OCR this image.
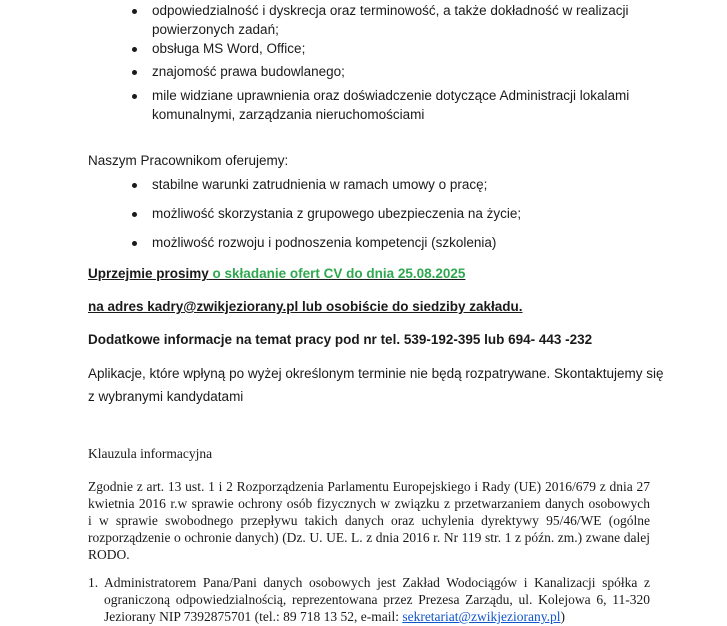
odpowiedzialność i dyskrecja oraz terminowość, a także dokładność w realizacji
powierzonych zadań;
obsługa MS Word, Office;
znajomość prawa budowlanego;
mile widziane uprawnienia oraz doświadczenie dotyczące Administracji lokalami
komunalnymi, zarządzania nieruchomościami
Naszym Pracownikom oferujemy:
stabilne warunki zatrudnienia w ramach umowy o pracę;
możliwość skorzystania z grupowego ubezpieczenia na życie;
możliwość rozwoju i podnoszenia kompetencji (szkolenia)
Uprzejmie prosimy o składanie ofert CV do dnia 25.08.2025
na adres kadry@zwikjeziorany.pl lub osobiście do siedziby zakładu.
Dodatkowe informacje na temat pracy pod nr tel. 539-192-395 lub 694- 443 -232
Aplikacje, które wpłyną po wyżej określonym terminie nie będą rozpatrywane. Skontaktujemy się
z wybranymi kandydatami
Klauzula informacyjna
Zgodnie z art. 13 ust. 1 i 2 Rozporządzenia Parlamentu Europejskiego i Rady (UE) 2016/679 z dnia 27
kwietnia 2016 r.w sprawie ochrony osób fizycznych w związku z przetwarzaniem danych osobowych
i w sprawie swobodnego przepływu takich danych oraz uchylenia dyrektywy 95/46/WE (ogólne
rozporządzenie o ochronie danych) (Dz. U. UE. L. z dnia 2016 r. Nr 119 str. 1 z późn. zm.) zwane dalej
RODO.
1. Administratorem Pana/Pani danych osobowych jest Zakład Wodociągów i Kanalizacji spółka z
ograniczoną odpowiedzialnością, reprezentowana przez Prezesa Zarządu, ul. Kolejowa 6, 11-320
Jeziorany NIP 7392875701 (tel.: 89 718 13 52, e-mail: sekretariat@zwikjeziorany.pl)
